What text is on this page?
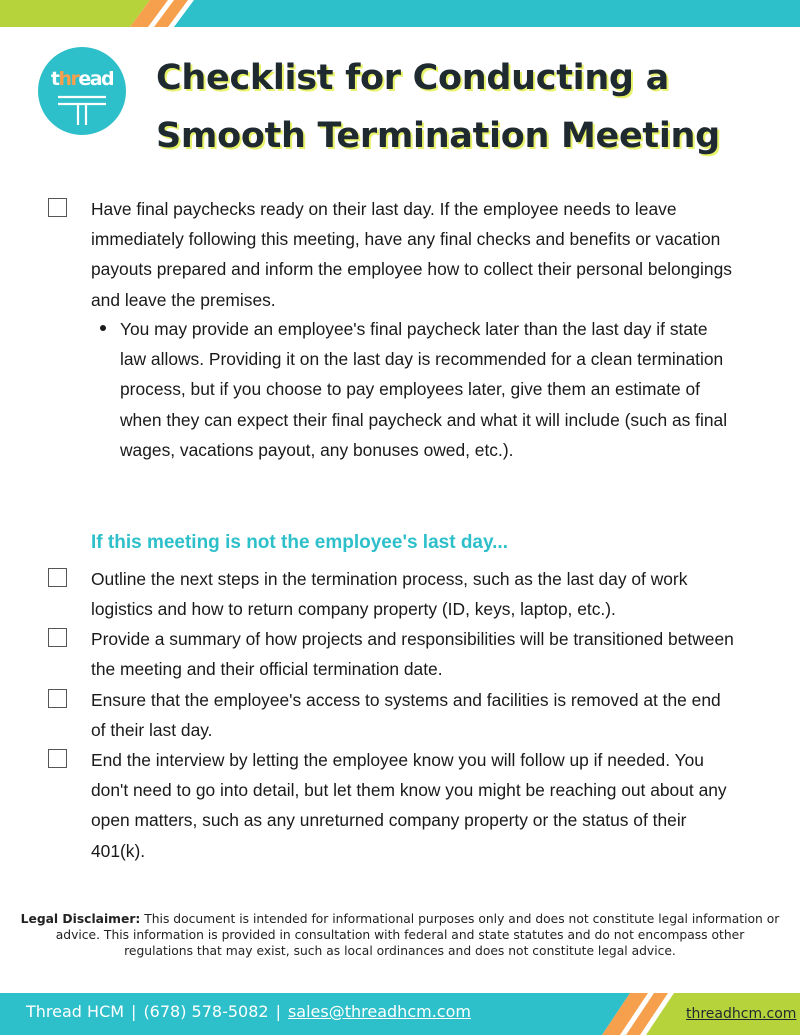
thread	Checklist for Conducting a
Smooth Termination Meeting
Have final paychecks ready on their last day. If the employee needs to leave immediately following this meeting, have any final checks and benefits or vacation payouts prepared and inform the employee how to collect their personal belongings and leave the premises.
You may provide an employee's final paycheck later than the last day if state law allows. Providing it on the last day is recommended for a clean termination process, but if you choose to pay employees later, give them an estimate of when they can expect their final paycheck and what it will include (such as final wages, vacations payout, any bonuses owed, etc.).
If this meeting is not the employee's last day...
Outline the next steps in the termination process, such as the last day of work logistics and how to return company property (ID, keys, laptop, etc.).
Provide a summary of how projects and responsibilities will be transitioned between the meeting and their official termination date.
Ensure that the employee's access to systems and facilities is removed at the end of their last day.
End the interview by letting the employee know you will follow up if needed. You don't need to go into detail, but let them know you might be reaching out about any open matters, such as any unreturned company property or the status of their 401(k).
Legal Disclaimer: This document is intended for informational purposes only and does not constitute legal information or advice. This information is provided in consultation with federal and state statutes and do not encompass other regulations that may exist, such as local ordinances and does not constitute legal advice.
Thread HCM | (678) 578-5082 | sales@threadhcm.com	threadhcm.com
